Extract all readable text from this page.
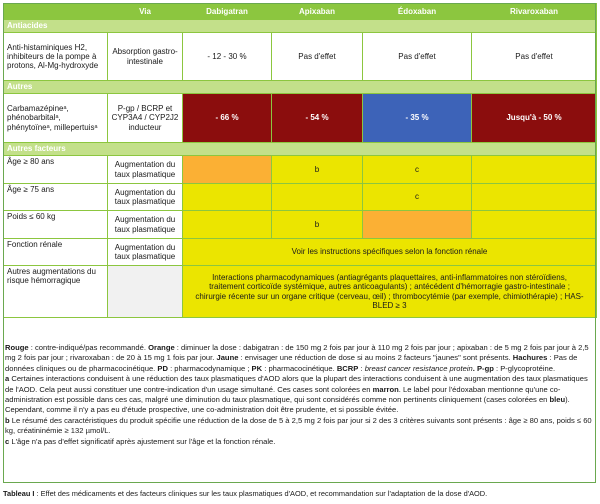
	Via	Dabigatran	Apixaban	Édoxaban	Rivaroxaban
Antiacides					
Anti-histaminiques H2, inhibiteurs de la pompe à protons, Al-Mg-hydroxyde	Absorption gastro-intestinale	- 12 - 30 %	Pas d'effet	Pas d'effet	Pas d'effet
Autres					
Carbamazépineᵃ, phénobarbitalᵃ, phénytoïneᵃ, millepertuisᵃ	P-gp / BCRP et CYP3A4 / CYP2J2 inducteur	- 66 %	- 54 %	- 35 %	Jusqu'à - 50 %
Autres facteurs					
Âge ≥ 80 ans	Augmentation du taux plasmatique		b	c	
Âge ≥ 75 ans	Augmentation du taux plasmatique			c	
Poids ≤ 60 kg	Augmentation du taux plasmatique		b		
Fonction rénale	Augmentation du taux plasmatique	Voir les instructions spécifiques selon la fonction rénale			
Autres augmentations du risque hémorragique		Interactions pharmacodynamiques (antiagrégants plaquettaires, anti-inflammatoires non stéroïdiens, traitement corticoïde systémique, autres anticoagulants) ; antécédent d'hémorragie gastro-intestinale ; chirurgie récente sur un organe critique (cerveau, œil) ; thrombocytémie (par exemple, chimiothérapie) ; HAS-BLED ≥ 3			

Rouge : contre-indiqué/pas recommandé. Orange : diminuer la dose : dabigatran : de 150 mg 2 fois par jour à 110 mg 2 fois par jour ; apixaban : de 5 mg 2 fois par jour à 2,5 mg 2 fois par jour ; rivaroxaban : de 20 à 15 mg 1 fois par jour. Jaune : envisager une réduction de dose si au moins 2 facteurs "jaunes" sont présents. Hachures : Pas de données cliniques ou de pharmacocinétique. PD : pharmacodynamique ; PK : pharmacocinétique. BCRP : breast cancer resistance protein. P-gp : P-glycoprotéine.

a Certaines interactions conduisent à une réduction des taux plasmatiques d'AOD alors que la plupart des interactions conduisent à une augmentation des taux plasmatiques de l'AOD. Cela peut aussi constituer une contre-indication d'un usage simultané. Ces cases sont colorées en marron. Le label pour l'édoxaban mentionne qu'une co-administration est possible dans ces cas, malgré une diminution du taux plasmatique, qui sont considérés comme non pertinents cliniquement (cases colorées en bleu). Cependant, comme il n'y a pas eu d'étude prospective, une co-administration doit être prudente, et si possible évitée.

b Le résumé des caractéristiques du produit spécifie une réduction de la dose de 5 à 2,5 mg 2 fois par jour si 2 des 3 critères suivants sont présents : âge ≥ 80 ans, poids ≤ 60 kg, créatininémie ≥ 132 µmol/L.

c L'âge n'a pas d'effet significatif après ajustement sur l'âge et la fonction rénale.

Tableau I : Effet des médicaments et des facteurs cliniques sur les taux plasmatiques d'AOD, et recommandation sur l'adaptation de la dose d'AOD.
